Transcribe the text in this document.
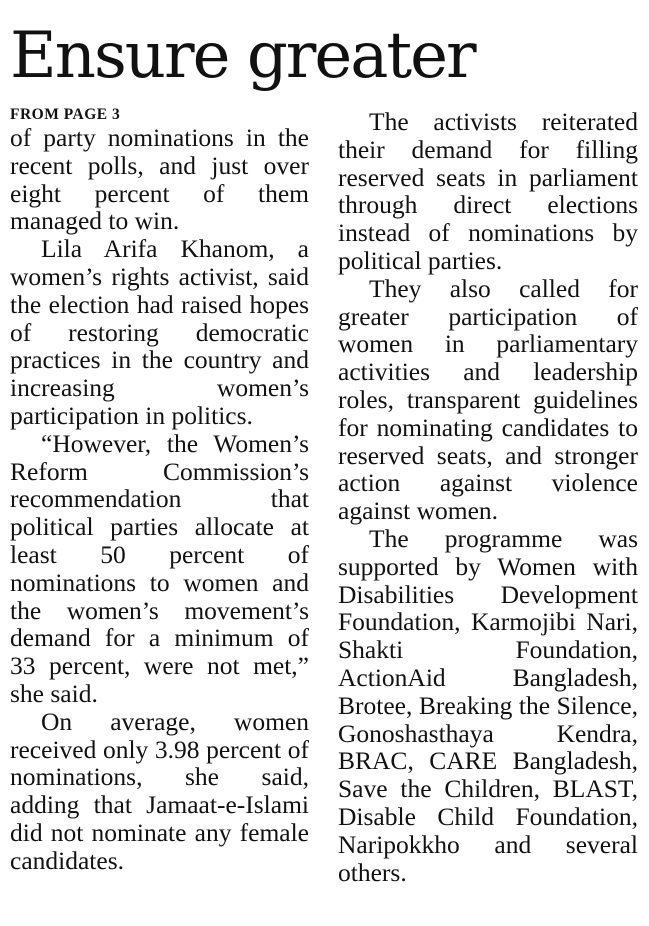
Ensure greater
FROM PAGE 3

of party nominations in the recent polls, and just over eight percent of them managed to win.

Lila Arifa Khanom, a women’s rights activist, said the election had raised hopes of restoring democratic practices in the country and increasing women’s participation in politics.

“However, the Women’s Reform Commission’s recommendation that political parties allocate at least 50 percent of nominations to women and the women’s movement’s demand for a minimum of 33 percent, were not met,” she said.

On average, women received only 3.98 percent of nominations, she said, adding that Jamaat-e-Islami did not nominate any female candidates.

The activists reiterated their demand for filling reserved seats in parliament through direct elections instead of nominations by political parties.

They also called for greater participation of women in parliamentary activities and leadership roles, transparent guidelines for nominating candidates to reserved seats, and stronger action against violence against women.

The programme was supported by Women with Disabilities Development Foundation, Karmojibi Nari, Shakti Foundation, ActionAid Bangladesh, Brotee, Breaking the Silence, Gonoshasthaya Kendra, BRAC, CARE Bangladesh, Save the Children, BLAST, Disable Child Foundation, Naripokkho and several others.
